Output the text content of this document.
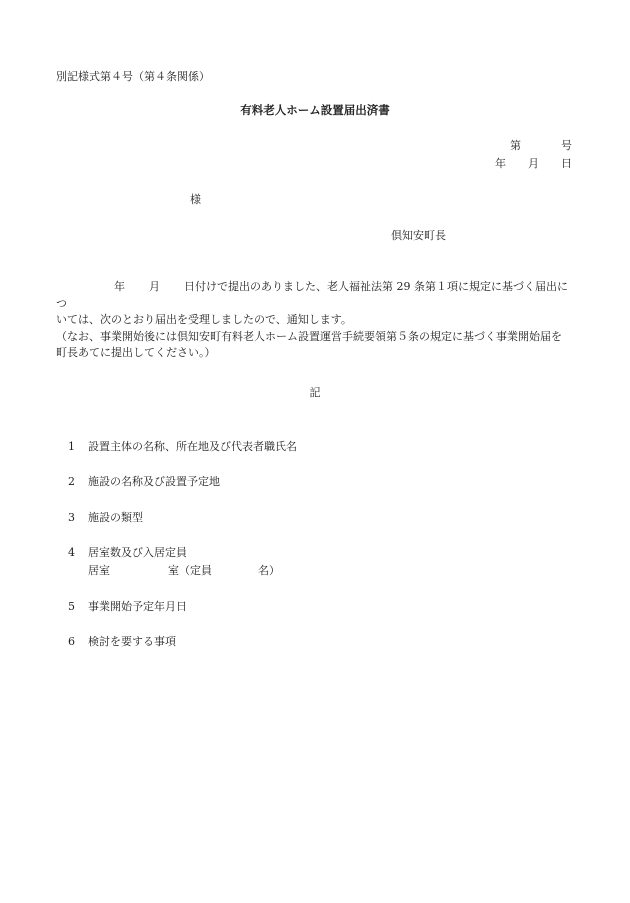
別記様式第４号（第４条関係）
有料老人ホーム設置届出済書
第	号
年 月 日
様
倶知安町長

年 月 日付けで提出のありました、老人福祉法第 29 条第１項に規定に基づく届出につ

いては、次のとおり届出を受理しましたので、通知します。

（なお、事業開始後には倶知安町有料老人ホーム設置運営手続要領第５条の規定に基づく事業開始届を

町長あてに提出してください。）

記
1 設置主体の名称、所在地及び代表者職氏名
2 施設の名称及び設置予定地
3 施設の類型
4 居室数及び入居定員
居室	室（定員	名）
5 事業開始予定年月日
6 検討を要する事項
